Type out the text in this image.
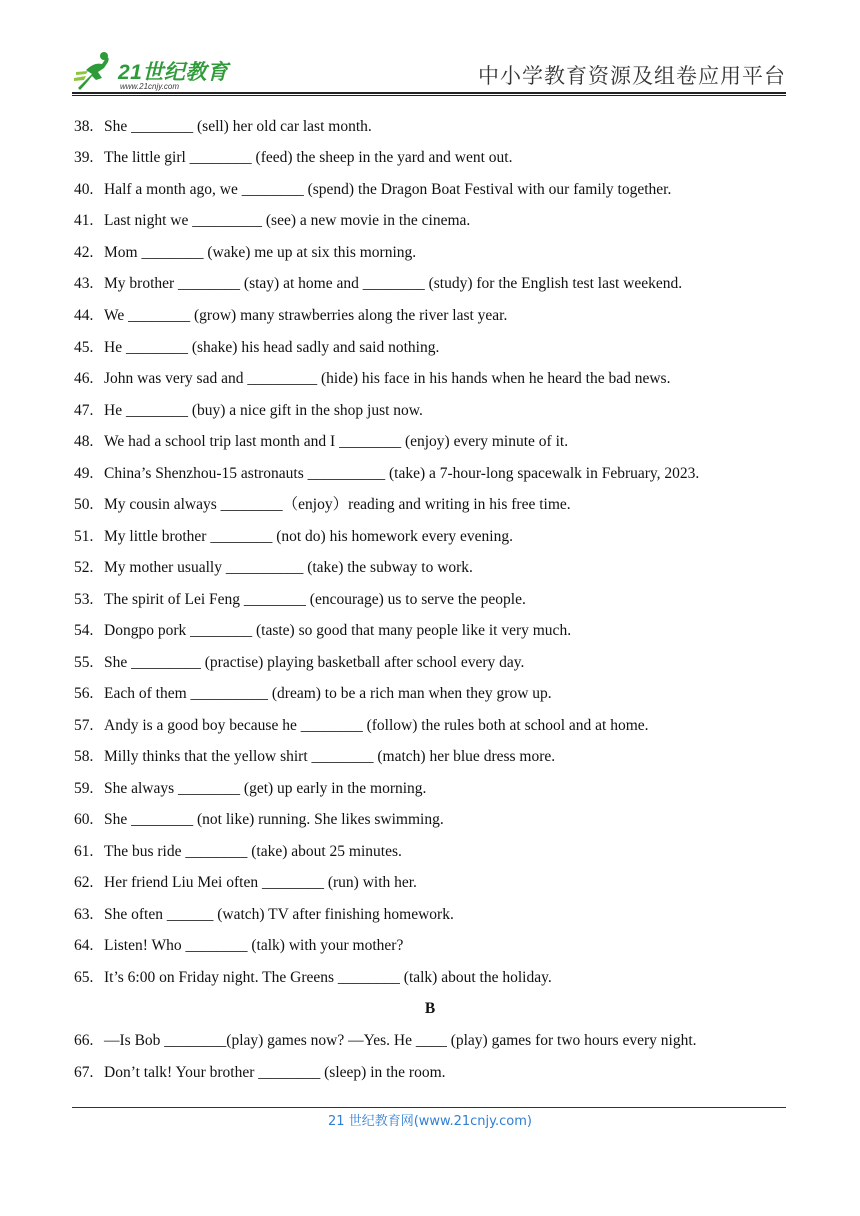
21世纪教育
www.21cnjy.com	中小学教育资源及组卷应用平台
38. She ________ (sell) her old car last month.
39. The little girl ________ (feed) the sheep in the yard and went out.
40. Half a month ago, we ________ (spend) the Dragon Boat Festival with our family together.
41. Last night we _________ (see) a new movie in the cinema.
42. Mom ________ (wake) me up at six this morning.
43. My brother ________ (stay) at home and ________ (study) for the English test last weekend.
44. We ________ (grow) many strawberries along the river last year.
45. He ________ (shake) his head sadly and said nothing.
46. John was very sad and _________ (hide) his face in his hands when he heard the bad news.
47. He ________ (buy) a nice gift in the shop just now.
48. We had a school trip last month and I ________ (enjoy) every minute of it.
49. China’s Shenzhou-15 astronauts __________ (take) a 7-hour-long spacewalk in February, 2023.
50. My cousin always ________（enjoy）reading and writing in his free time.
51. My little brother ________ (not do) his homework every evening.
52. My mother usually __________ (take) the subway to work.
53. The spirit of Lei Feng ________ (encourage) us to serve the people.
54. Dongpo pork ________ (taste) so good that many people like it very much.
55. She _________ (practise) playing basketball after school every day.
56. Each of them __________ (dream) to be a rich man when they grow up.
57. Andy is a good boy because he ________ (follow) the rules both at school and at home.
58. Milly thinks that the yellow shirt ________ (match) her blue dress more.
59. She always ________ (get) up early in the morning.
60. She ________ (not like) running. She likes swimming.
61. The bus ride ________ (take) about 25 minutes.
62. Her friend Liu Mei often ________ (run) with her.
63. She often ______ (watch) TV after finishing homework.
64. Listen! Who ________ (talk) with your mother?
65. It’s 6:00 on Friday night. The Greens ________ (talk) about the holiday.
B
66. —Is Bob ________(play) games now? —Yes. He ____ (play) games for two hours every night.
67. Don’t talk! Your brother ________ (sleep) in the room.
21 世纪教育网(www.21cnjy.com)
